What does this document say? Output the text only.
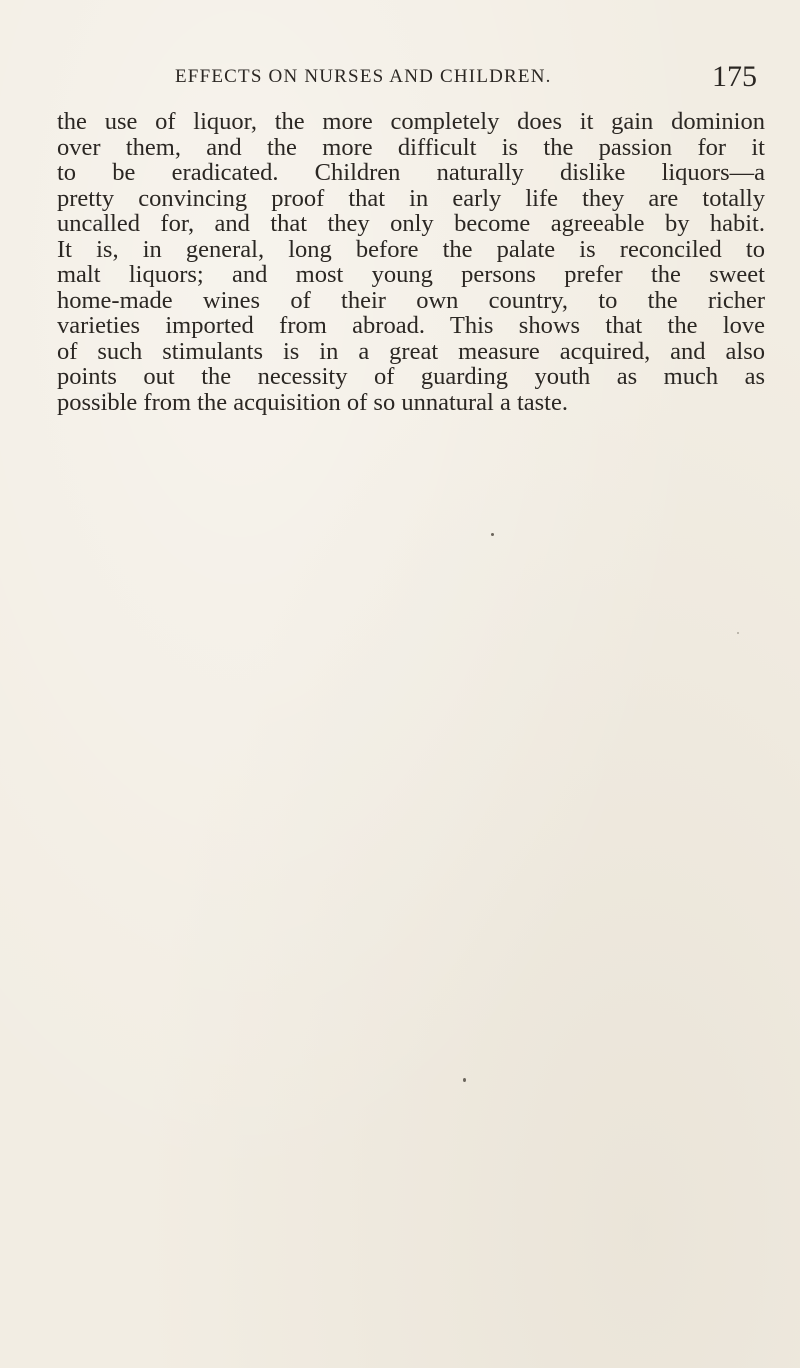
EFFECTS ON NURSES AND CHILDREN.	175
the use of liquor, the more completely does it gain dominion
over them, and the more difficult is the passion for it
to be eradicated. Children naturally dislike liquors—a
pretty convincing proof that in early life they are totally
uncalled for, and that they only become agreeable by habit.
It is, in general, long before the palate is reconciled to
malt liquors; and most young persons prefer the sweet
home-made wines of their own country, to the richer
varieties imported from abroad. This shows that the love
of such stimulants is in a great measure acquired, and also
points out the necessity of guarding youth as much as
possible from the acquisition of so unnatural a taste.
